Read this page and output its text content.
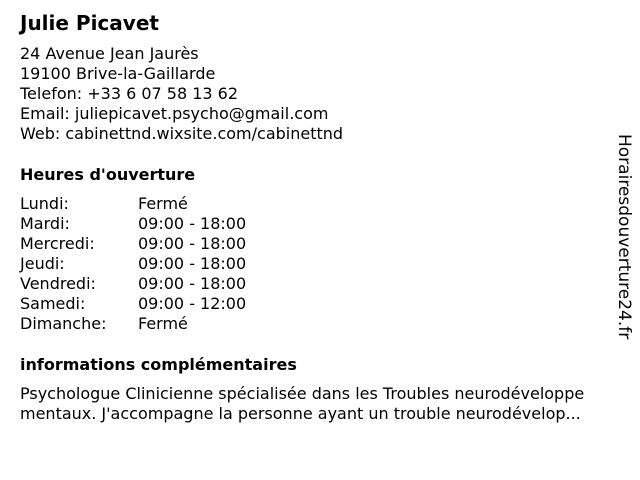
Julie Picavet
24 Avenue Jean Jaurès
19100 Brive-la-Gaillarde
Telefon: +33 6 07 58 13 62
Email: juliepicavet.psycho@gmail.com
Web: cabinettnd.wixsite.com/cabinettnd
Heures d'ouverture
Lundi:	Fermé
Mardi:	09:00 - 18:00
Mercredi:	09:00 - 18:00
Jeudi:	09:00 - 18:00
Vendredi:	09:00 - 18:00
Samedi:	09:00 - 12:00
Dimanche:	Fermé
informations complémentaires
Psychologue Clinicienne spécialisée dans les Troubles neurodéveloppe
mentaux. J'accompagne la personne ayant un trouble neurodévelop...
Horairesdouverture24.fr
